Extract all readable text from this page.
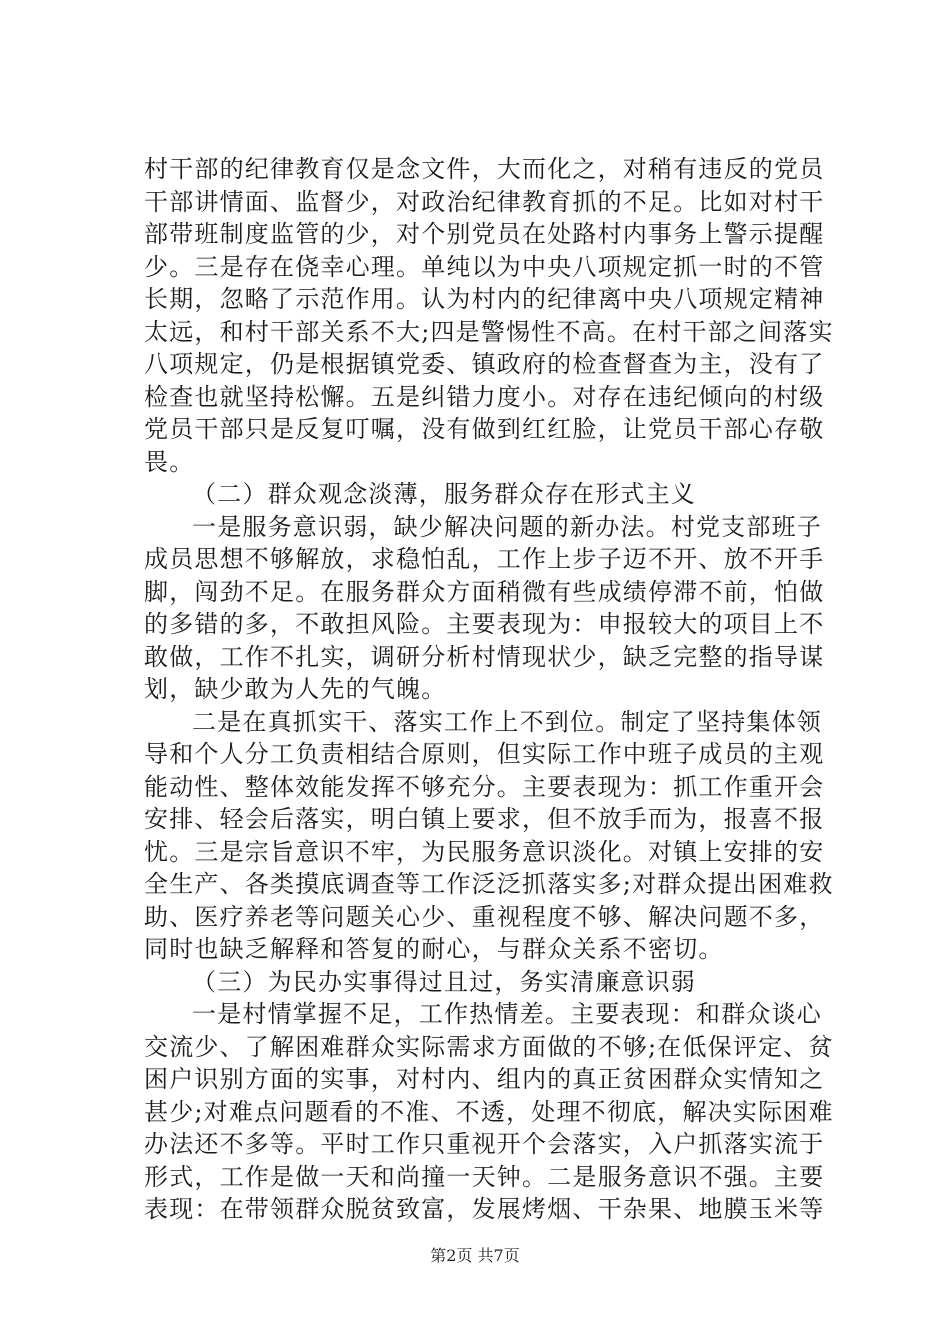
村干部的纪律教育仅是念文件，大而化之，对稍有违反的党员
干部讲情面、监督少，对政治纪律教育抓的不足。比如对村干
部带班制度监管的少，对个别党员在处路村内事务上警示提醒
少。三是存在侥幸心理。单纯以为中央八项规定抓一时的不管
长期，忽略了示范作用。认为村内的纪律离中央八项规定精神
太远，和村干部关系不大;四是警惕性不高。在村干部之间落实
八项规定，仍是根据镇党委、镇政府的检查督查为主，没有了
检查也就坚持松懈。五是纠错力度小。对存在违纪倾向的村级
党员干部只是反复叮嘱，没有做到红红脸，让党员干部心存敬
畏。
（二）群众观念淡薄，服务群众存在形式主义
一是服务意识弱，缺少解决问题的新办法。村党支部班子
成员思想不够解放，求稳怕乱，工作上步子迈不开、放不开手
脚，闯劲不足。在服务群众方面稍微有些成绩停滞不前，怕做
的多错的多，不敢担风险。主要表现为：申报较大的项目上不
敢做，工作不扎实，调研分析村情现状少，缺乏完整的指导谋
划，缺少敢为人先的气魄。
二是在真抓实干、落实工作上不到位。制定了坚持集体领
导和个人分工负责相结合原则，但实际工作中班子成员的主观
能动性、整体效能发挥不够充分。主要表现为：抓工作重开会
安排、轻会后落实，明白镇上要求，但不放手而为，报喜不报
忧。三是宗旨意识不牢，为民服务意识淡化。对镇上安排的安
全生产、各类摸底调查等工作泛泛抓落实多;对群众提出困难救
助、医疗养老等问题关心少、重视程度不够、解决问题不多，
同时也缺乏解释和答复的耐心，与群众关系不密切。
（三）为民办实事得过且过，务实清廉意识弱
一是村情掌握不足，工作热情差。主要表现：和群众谈心
交流少、了解困难群众实际需求方面做的不够;在低保评定、贫
困户识别方面的实事，对村内、组内的真正贫困群众实情知之
甚少;对难点问题看的不准、不透，处理不彻底，解决实际困难
办法还不多等。平时工作只重视开个会落实，入户抓落实流于
形式，工作是做一天和尚撞一天钟。二是服务意识不强。主要
表现：在带领群众脱贫致富，发展烤烟、干杂果、地膜玉米等
第2页 共7页
